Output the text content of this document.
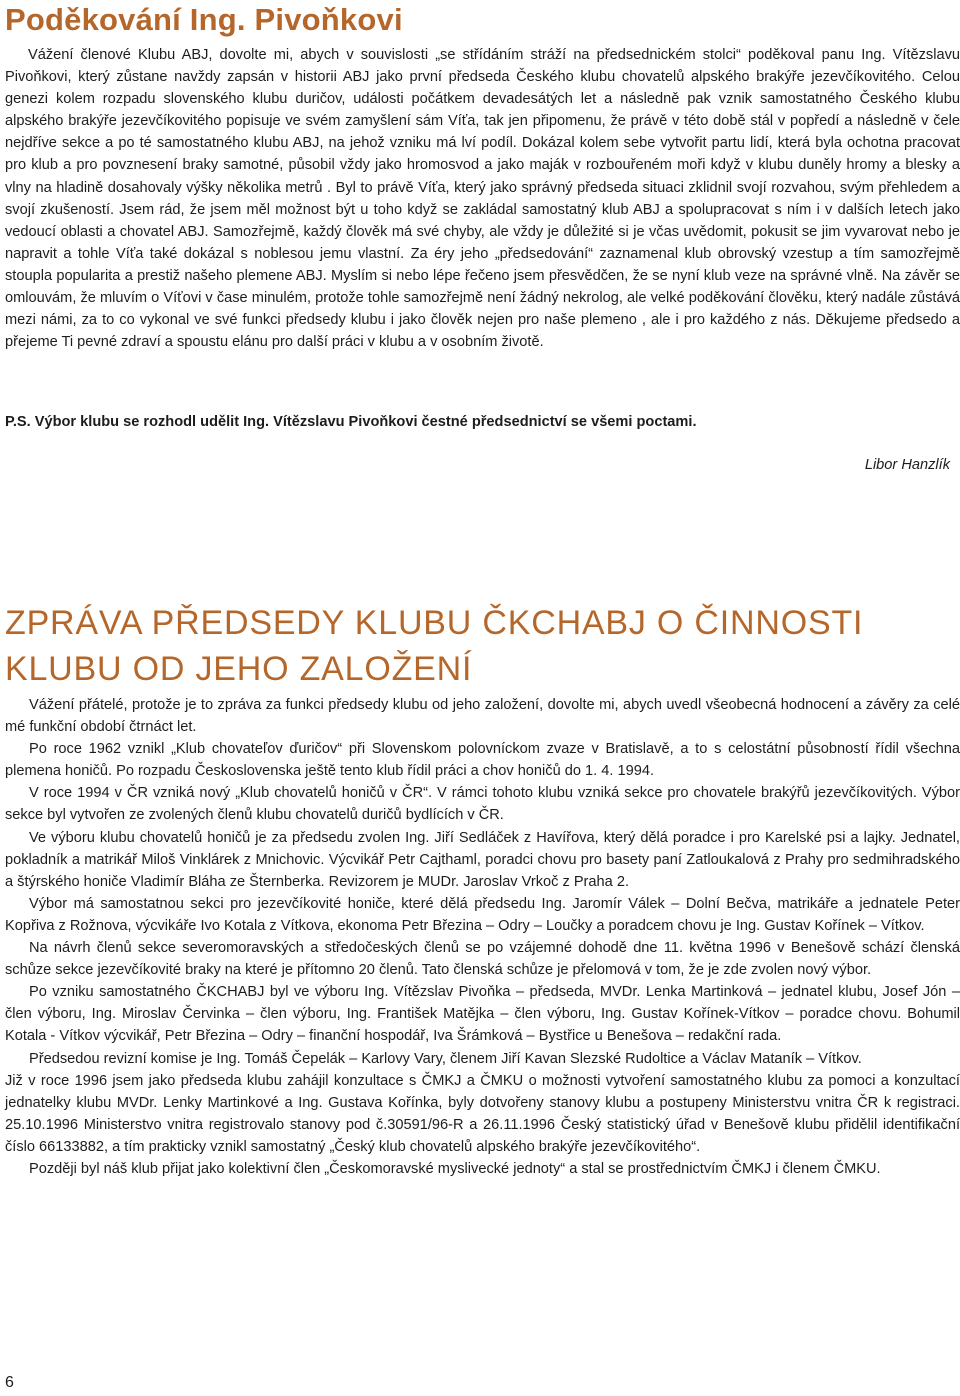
Poděkování Ing. Pivoňkovi

Vážení členové Klubu ABJ, dovolte mi, abych v souvislosti „se střídáním stráží na předsednickém stolci“ poděkoval panu Ing. Vítězslavu Pivoňkovi, který zůstane navždy zapsán v historii ABJ jako první předseda Českého klubu chovatelů alpského brakýře jezevčíkovitého. Celou genezi kolem rozpadu slovenského klubu duričov, události počátkem devadesátých let a následně pak vznik samostatného Českého klubu alpského brakýře jezevčíkovitého popisuje ve svém zamyšlení sám Víťa, tak jen připomenu, že právě v této době stál v popředí a následně v čele nejdříve sekce a po té samostatného klubu ABJ, na jehož vzniku má lví podíl. Dokázal kolem sebe vytvořit partu lidí, která byla ochotna pracovat pro klub a pro povznesení braky samotné, působil vždy jako hromosvod a jako maják v rozbouřeném moři když v klubu duněly hromy a blesky a vlny na hladině dosahovaly výšky několika metrů . Byl to právě Víťa, který jako správný předseda situaci zklidnil svojí rozvahou, svým přehledem a svojí zkušeností. Jsem rád, že jsem měl možnost být u toho když se zakládal samostatný klub ABJ a spolupracovat s ním i v dalších letech jako vedoucí oblasti a chovatel ABJ. Samozřejmě, každý člověk má své chyby, ale vždy je důležité si je včas uvědomit, pokusit se jim vyvarovat nebo je napravit a tohle Víťa také dokázal s noblesou jemu vlastní. Za éry jeho „předsedování“ zaznamenal klub obrovský vzestup a tím samozřejmě stoupla popularita a prestiž našeho plemene ABJ. Myslím si nebo lépe řečeno jsem přesvědčen, že se nyní klub veze na správné vlně. Na závěr se omlouvám, že mluvím o Víťovi v čase minulém, protože tohle samozřejmě není žádný nekrolog, ale velké poděkování člověku, který nadále zůstává mezi námi, za to co vykonal ve své funkci předsedy klubu i jako člověk nejen pro naše plemeno , ale i pro každého z nás. Děkujeme předsedo a přejeme Ti pevné zdraví a spoustu elánu pro další práci v klubu a v osobním životě.

P.S. Výbor klubu se rozhodl udělit Ing. Vítězslavu Pivoňkovi čestné předsednictví se všemi poctami.
Libor Hanzlík
ZPRÁVA PŘEDSEDY KLUBU ČKCHABJ O ČINNOSTI KLUBU OD JEHO ZALOŽENÍ

Vážení přátelé, protože je to zpráva za funkci předsedy klubu od jeho založení, dovolte mi, abych uvedl všeobecná hodnocení a závěry za celé mé funkční období čtrnáct let.

Po roce 1962 vznikl „Klub chovateľov ďuričov“ při Slovenskom polovníckom zvaze v Bratislavě, a to s celostátní působností řídil všechna plemena honičů. Po rozpadu Československa ještě tento klub řídil práci a chov honičů do 1. 4. 1994.

V roce 1994 v ČR vzniká nový „Klub chovatelů honičů v ČR“. V rámci tohoto klubu vzniká sekce pro chovatele brakýřů jezevčíkovitých. Výbor sekce byl vytvořen ze zvolených členů klubu chovatelů duričů bydlících v ČR.

Ve výboru klubu chovatelů honičů je za předsedu zvolen Ing. Jiří Sedláček z Havířova, který dělá poradce i pro Karelské psi a lajky. Jednatel, pokladník a matrikář Miloš Vinklárek z Mnichovic. Výcvikář Petr Cajthaml, poradci chovu pro basety paní Zatloukalová z Prahy pro sedmihradského a štýrského honiče Vladimír Bláha ze Šternberka. Revizorem je MUDr. Jaroslav Vrkoč z Praha 2.

Výbor má samostatnou sekci pro jezevčíkovité honiče, které dělá předsedu Ing. Jaromír Válek – Dolní Bečva, matrikáře a jednatele Peter Kopřiva z Rožnova, výcvikáře Ivo Kotala z Vítkova, ekonoma Petr Březina – Odry – Loučky a poradcem chovu je Ing. Gustav Kořínek – Vítkov.

Na návrh členů sekce severomoravských a středočeských členů se po vzájemné dohodě dne 11. května 1996 v Benešově schází členská schůze sekce jezevčíkovité braky na které je přítomno 20 členů. Tato členská schůze je přelomová v tom, že je zde zvolen nový výbor.

Po vzniku samostatného ČKCHABJ byl ve výboru Ing. Vítězslav Pivoňka – předseda, MVDr. Lenka Martinková – jednatel klubu, Josef Jón – člen výboru, Ing. Miroslav Červinka – člen výboru, Ing. František Matějka – člen výboru, Ing. Gustav Kořínek-Vítkov – poradce chovu. Bohumil Kotala - Vítkov výcvikář, Petr Březina – Odry – finanční hospodář, Iva Šrámková – Bystřice u Benešova – redakční rada.

Předsedou revizní komise je Ing. Tomáš Čepelák – Karlovy Vary, členem Jiří Kavan Slezské Rudoltice a Václav Mataník – Vítkov.

Již v roce 1996 jsem jako předseda klubu zahájil konzultace s ČMKJ a ČMKU o možnosti vytvoření samostatného klubu za pomoci a konzultací jednatelky klubu MVDr. Lenky Martinkové a Ing. Gustava Kořínka, byly dotvořeny stanovy klubu a postupeny Ministerstvu vnitra ČR k registraci. 25.10.1996 Ministerstvo vnitra registrovalo stanovy pod č.30591/96-R a 26.11.1996 Český statistický úřad v Benešově klubu přidělil identifikační číslo 66133882, a tím prakticky vznikl samostatný „Český klub chovatelů alpského brakýře jezevčíkovitého“.

Později byl náš klub přijat jako kolektivní člen „Českomoravské myslivecké jednoty“ a stal se prostřednictvím ČMKJ i členem ČMKU.

6
